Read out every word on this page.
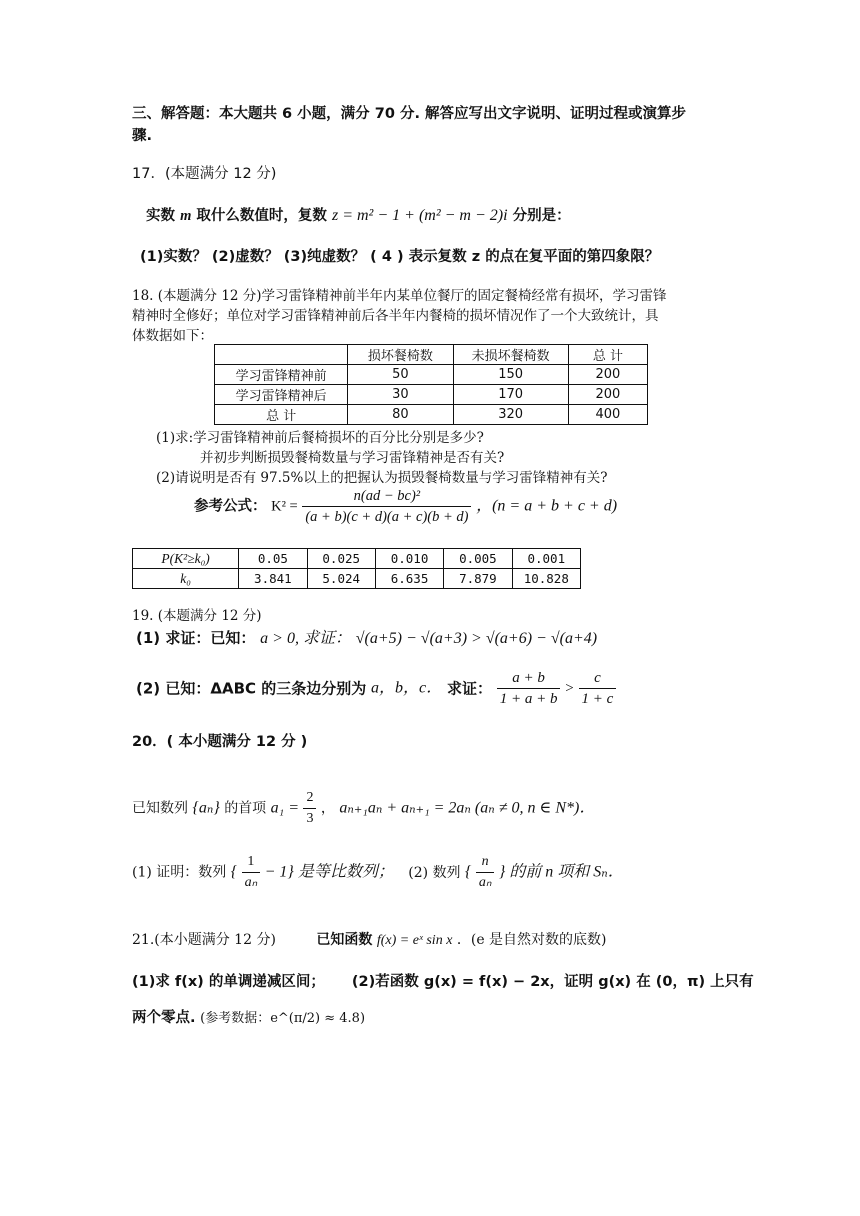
三、解答题：本大题共 6 小题，满分 70 分. 解答应写出文字说明、证明过程或演算步
骤.
17．(本题满分 12 分)
实数 m 取什么数值时，复数 z = m² − 1 + (m² − m − 2)i 分别是：
(1)实数？ (2)虚数？ (3)纯虚数？ ( 4 ) 表示复数 z 的点在复平面的第四象限？
18. (本题满分 12 分)学习雷锋精神前半年内某单位餐厅的固定餐椅经常有损坏，学习雷锋
精神时全修好；单位对学习雷锋精神前后各半年内餐椅的损坏情况作了一个大致统计，具
体数据如下：
	损坏餐椅数	未损坏餐椅数	总 计
学习雷锋精神前	50	150	200
学习雷锋精神后	30	170	200
总 计	80	320	400
(1)求:学习雷锋精神前后餐椅损坏的百分比分别是多少?
并初步判断损毁餐椅数量与学习雷锋精神是否有关?
(2)请说明是否有 97.5%以上的把握认为损毁餐椅数量与学习雷锋精神有关?
参考公式： $K^2 = \frac{\text{n(ad − bc)²}}{(a + b)(c + d)(a + c)(b + d)}$ ，(n = a + b + c + d)
P(K²≥k₀)	0.05	0.025	0.010	0.005	0.001
k₀	3.841	5.024	6.635	7.879	10.828
19. (本题满分 12 分)
(1) 求证：已知： a > 0, 求证： √(a+5) − √(a+3) > √(a+6) − √(a+4)
(2) 已知：ΔABC 的三条边分别为 a，b，c． 求证： $\frac{a + b}{1 + a + b} > \frac{c}{1 + c}$
20．( 本小题满分 12 分 )
已知数列 {aₙ} 的首项 $a_1 = \frac{2}{3}$ ， aₙ₊₁aₙ + aₙ₊₁ = 2aₙ (aₙ ≠ 0, n ∈ N*)．
(1) 证明：数列 { $\frac{1}{\text{aₙ}} - 1$} 是等比数列； (2) 数列 { $\frac{n}{\text{aₙ}}$ } 的前 n 项和 Sₙ．
21.(本小题满分 12 分)	已知函数 f(x) = eˣ sin x ．(e 是自然对数的底数)
(1)求 f(x) 的单调递减区间； (2)若函数 g(x) = f(x) − 2x，证明 g(x) 在 (0，π) 上只有
两个零点. (参考数据：e^(π/2) ≈ 4.8)
